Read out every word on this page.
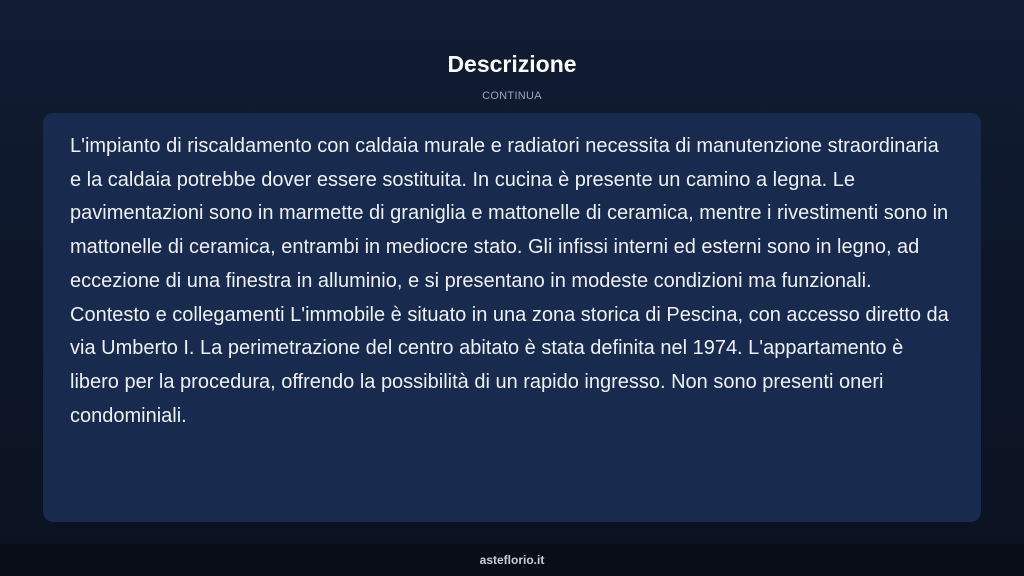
Descrizione
CONTINUA

L'impianto di riscaldamento con caldaia murale e radiatori necessita di manutenzione straordinaria e la caldaia potrebbe dover essere sostituita. In cucina è presente un camino a legna. Le pavimentazioni sono in marmette di graniglia e mattonelle di ceramica, mentre i rivestimenti sono in mattonelle di ceramica, entrambi in mediocre stato. Gli infissi interni ed esterni sono in legno, ad eccezione di una finestra in alluminio, e si presentano in modeste condizioni ma funzionali. Contesto e collegamenti L'immobile è situato in una zona storica di Pescina, con accesso diretto da via Umberto I. La perimetrazione del centro abitato è stata definita nel 1974. L'appartamento è libero per la procedura, offrendo la possibilità di un rapido ingresso. Non sono presenti oneri condominiali.

asteflorio.it
